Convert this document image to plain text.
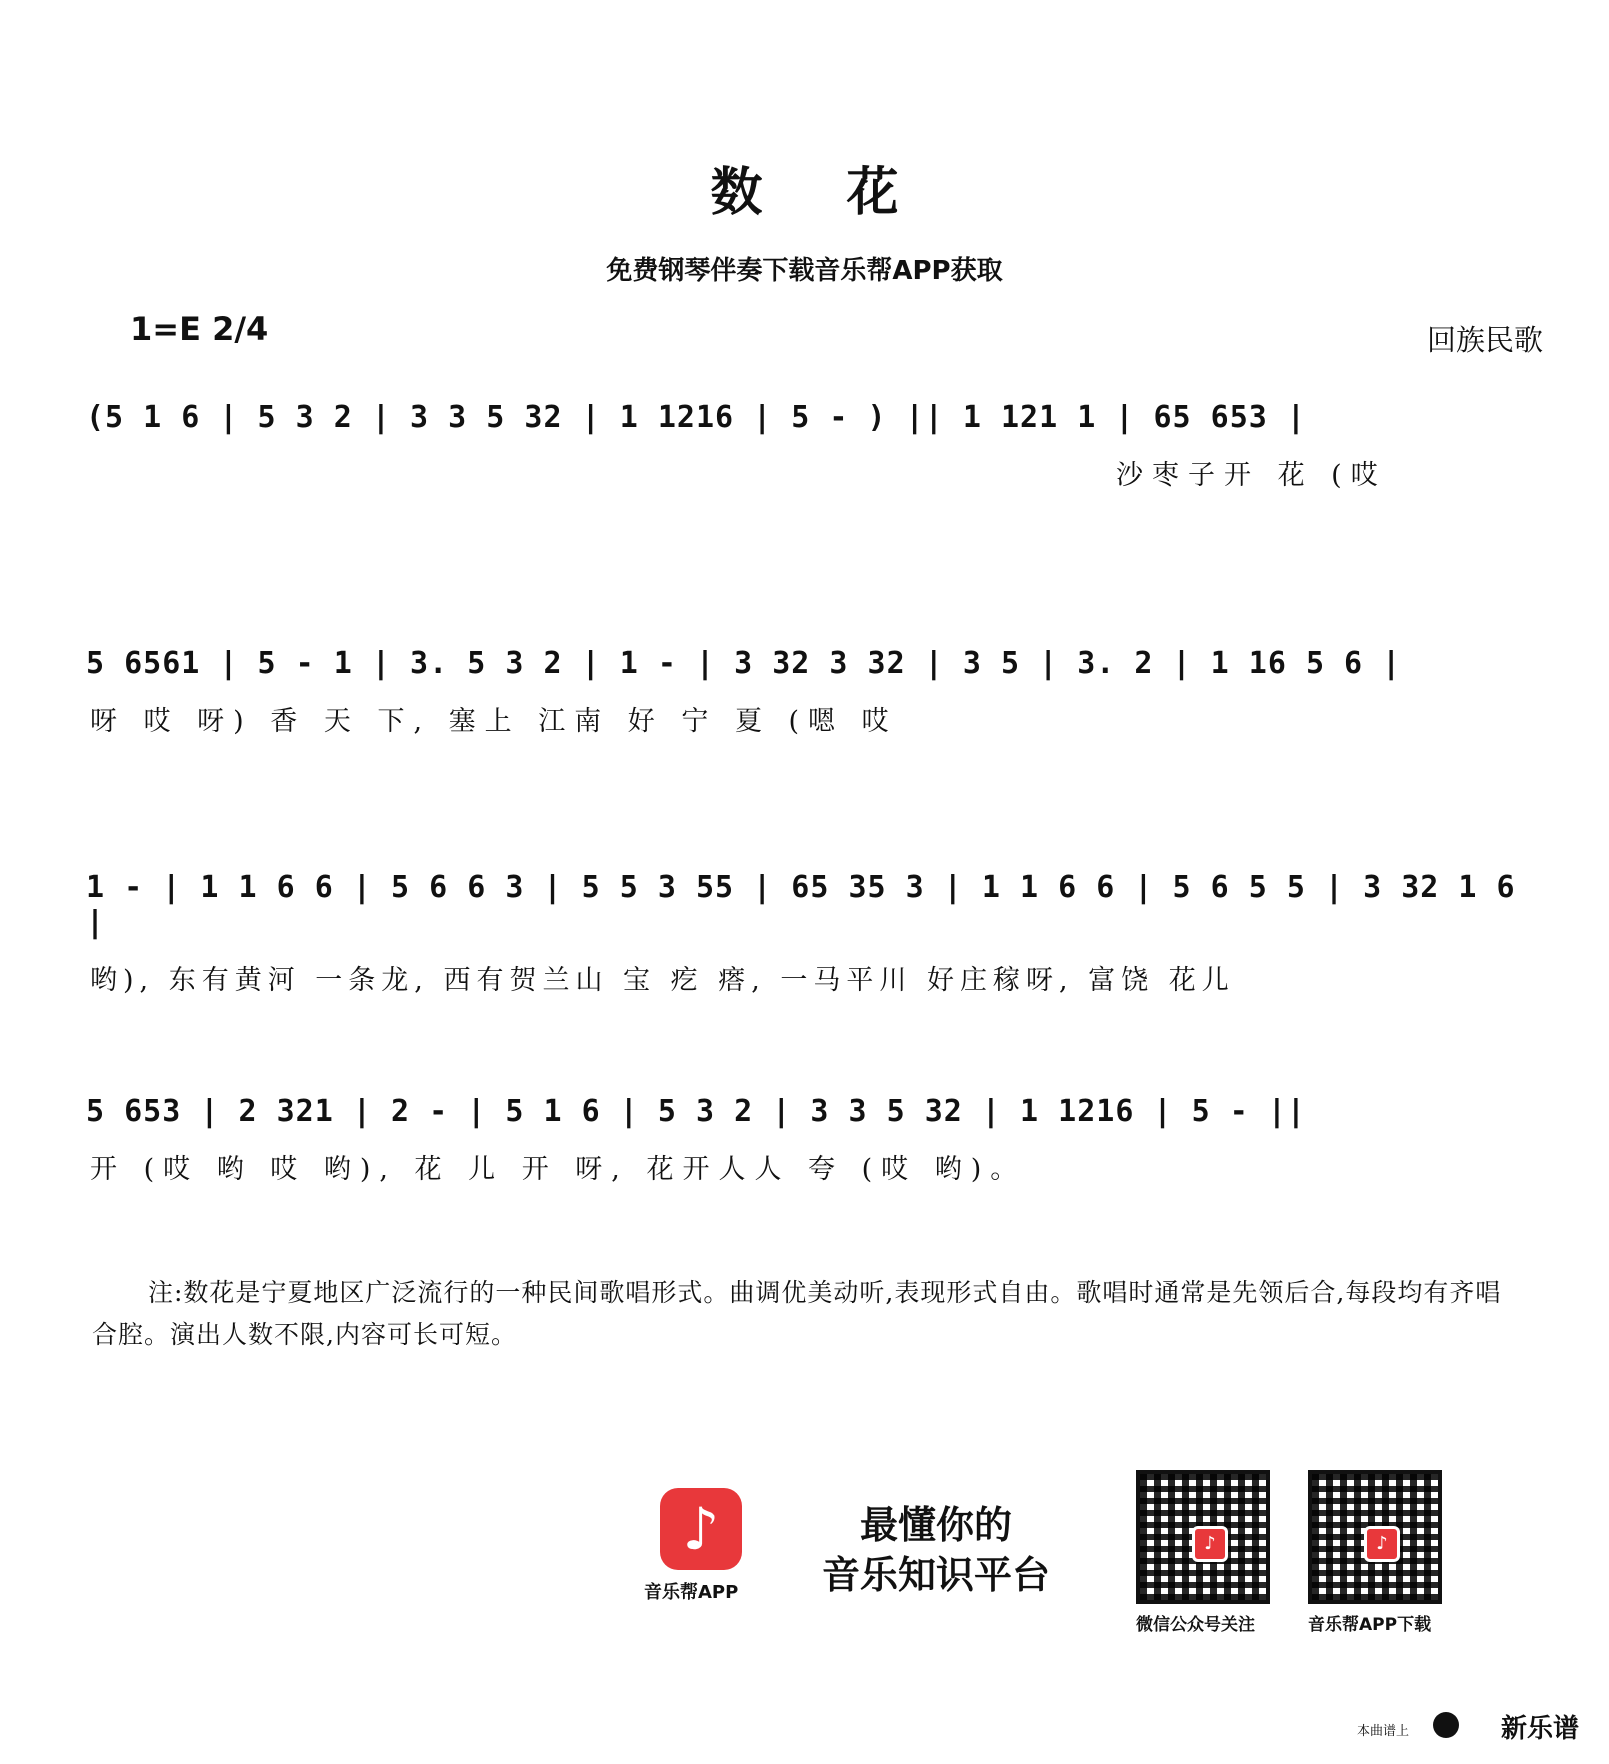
数花
免费钢琴伴奏下载音乐帮APP获取
1=E 2/4	回族民歌
(5 1 6 | 5 3 2 | 3 3 5 32 | 1 1216 | 5 - ) || 1 121 1 | 65 653 |
沙枣子开 花 (哎
5 6561 | 5 - 1 | 3. 5 3 2 | 1 - | 3 32 3 32 | 3 5 | 3. 2 | 1 16 5 6 |
呀 哎 呀) 香 天 下, 塞上 江南 好 宁 夏 (嗯 哎
1 - | 1 1 6 6 | 5 6 6 3 | 5 5 3 55 | 65 35 3 | 1 1 6 6 | 5 6 5 5 | 3 32 1 6 |
哟), 东有黄河 一条龙, 西有贺兰山 宝 疙 瘩, 一马平川 好庄稼呀, 富饶 花儿
5 653 | 2 321 | 2 - | 5 1 6 | 5 3 2 | 3 3 5 32 | 1 1216 | 5 - ||
开 (哎 哟 哎 哟), 花 儿 开 呀, 花开人人 夸 (哎 哟)。
注:数花是宁夏地区广泛流行的一种民间歌唱形式。曲调优美动听,表现形式自由。歌唱时通常是先领后合,每段均有齐唱合腔。演出人数不限,内容可长可短。
♪
音乐帮APP
最懂你的
音乐知识平台
♪
微信公众号关注
♪
音乐帮APP下载
本曲谱上	新乐谱
